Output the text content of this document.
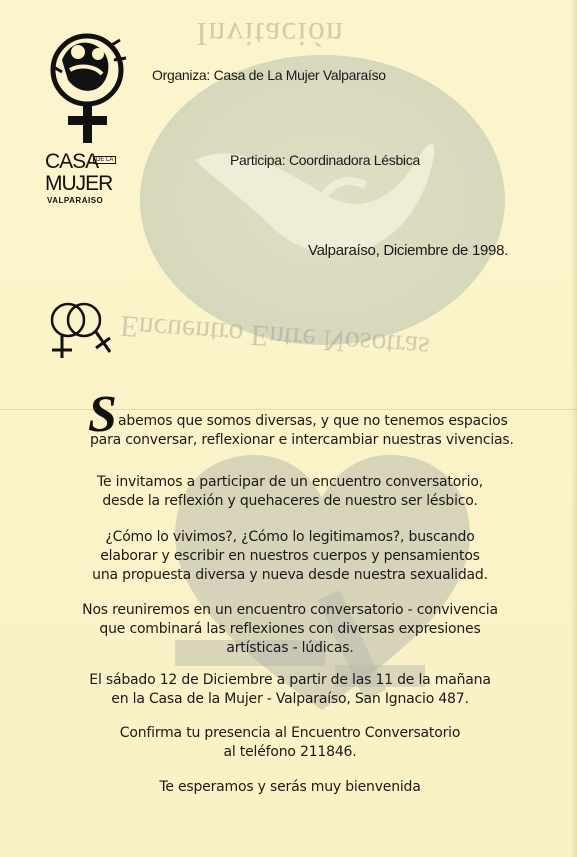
Invitación
Encuentro Entre Nosotras
CASA
DE LA
MUJER
VALPARAISO
Organiza: Casa de La Mujer Valparaíso
Participa: Coordinadora Lésbica
Valparaíso, Diciembre de 1998.
S abemos que somos diversas, y que no tenemos espacios
para conversar, reflexionar e intercambiar nuestras vivencias.
Te invitamos a participar de un encuentro conversatorio,
desde la reflexión y quehaceres de nuestro ser lésbico.
¿Cómo lo vivimos?, ¿Cómo lo legitimamos?, buscando
elaborar y escribir en nuestros cuerpos y pensamientos
una propuesta diversa y nueva desde nuestra sexualidad.
Nos reuniremos en un encuentro conversatorio - convivencia
que combinará las reflexiones con diversas expresiones
artísticas - lúdicas.
El sábado 12 de Diciembre a partir de las 11 de la mañana
en la Casa de la Mujer - Valparaíso, San Ignacio 487.
Confirma tu presencia al Encuentro Conversatorio
al teléfono 211846.
Te esperamos y serás muy bienvenida
